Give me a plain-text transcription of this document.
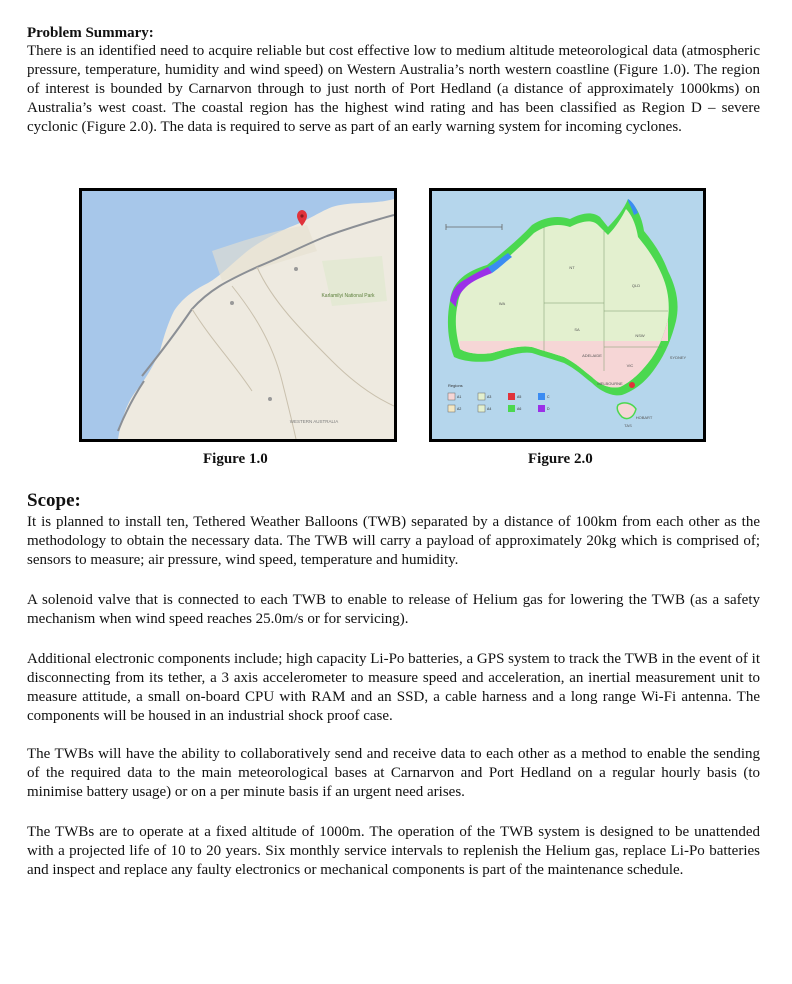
Problem Summary:

There is an identified need to acquire reliable but cost effective low to medium altitude meteorological data (atmospheric pressure, temperature, humidity and wind speed) on Western Australia’s north western coastline (Figure 1.0). The region of interest is bounded by Carnarvon through to just north of Port Hedland (a distance of approximately 1000kms) on Australia’s west coast. The coastal region has the highest wind rating and has been classified as Region D – severe cyclonic (Figure 2.0). The data is required to serve as part of an early warning system for incoming cyclones.

Karlamilyi National Park
WESTERN AUSTRALIA
Figure 1.0
WA
NT
QLD
SA
NSW
VIC
TAS
SYDNEY
MELBOURNE
ADELAIDE
HOBART
Regions
A1
A2
A3
A4
A5
A6
C
D
Figure 2.0
Scope:

It is planned to install ten, Tethered Weather Balloons (TWB) separated by a distance of 100km from each other as the methodology to obtain the necessary data. The TWB will carry a payload of approximately 20kg which is comprised of; sensors to measure; air pressure, wind speed, temperature and humidity.

A solenoid valve that is connected to each TWB to enable to release of Helium gas for lowering the TWB (as a safety mechanism when wind speed reaches 25.0m/s or for servicing).

Additional electronic components include; high capacity Li-Po batteries, a GPS system to track the TWB in the event of it disconnecting from its tether, a 3 axis accelerometer to measure speed and acceleration, an inertial measurement unit to measure attitude, a small on-board CPU with RAM and an SSD, a cable harness and a long range Wi-Fi antenna. The components will be housed in an industrial shock proof case.

The TWBs will have the ability to collaboratively send and receive data to each other as a method to enable the sending of the required data to the main meteorological bases at Carnarvon and Port Hedland on a regular hourly basis (to minimise battery usage) or on a per minute basis if an urgent need arises.

The TWBs are to operate at a fixed altitude of 1000m. The operation of the TWB system is designed to be unattended with a projected life of 10 to 20 years. Six monthly service intervals to replenish the Helium gas, replace Li-Po batteries and inspect and replace any faulty electronics or mechanical components is part of the maintenance schedule.
